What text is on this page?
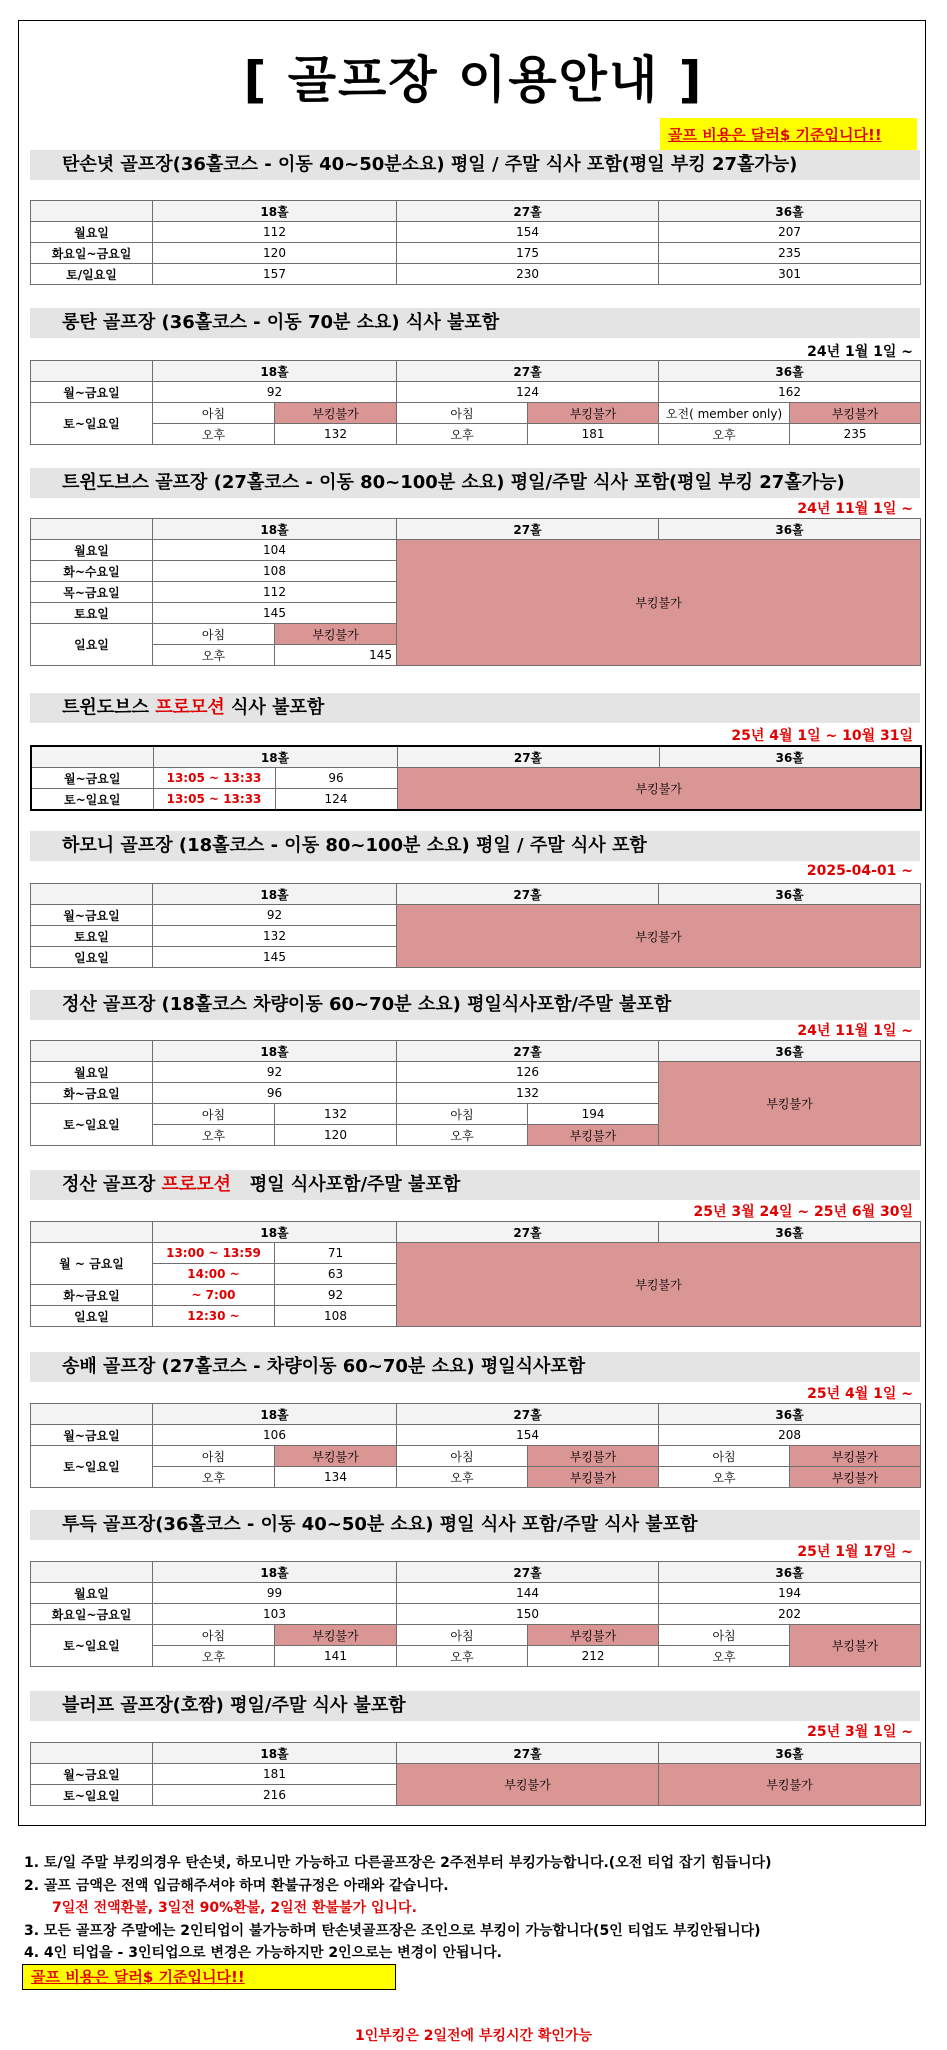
[ 골프장 이용안내 ]
골프 비용은 달러$ 기준입니다!!
탄손녓 골프장(36홀코스 - 이동 40~50분소요) 평일 / 주말 식사 포함(평일 부킹 27홀가능)
	18홀	27홀	36홀
월요일	112	154	207
화요일~금요일	120	175	235
토/일요일	157	230	301
롱탄 골프장 (36홀코스 - 이동 70분 소요) 식사 불포함
24년 1월 1일 ~
	18홀		27홀		36홀	
월~금요일	92		124		162	
토~일요일	아침	부킹불가	아침	부킹불가	오전( member only)	부킹불가
	오후	132	오후	181	오후	235
트윈도브스 골프장 (27홀코스 - 이동 80~100분 소요) 평일/주말 식사 포함(평일 부킹 27홀가능)
24년 11월 1일 ~
	18홀		27홀	36홀
월요일	104		부킹불가	
화~수요일	108			
목~금요일	112			
토요일	145			
일요일	아침	부킹불가		
	오후	145		
트윈도브스 프로모션 식사 불포함
25년 4월 1일 ~ 10월 31일
	18홀		27홀	36홀
월~금요일	13:05 ~ 13:33	96	부킹불가	
토~일요일	13:05 ~ 13:33	124		
하모니 골프장 (18홀코스 - 이동 80~100분 소요) 평일 / 주말 식사 포함
2025-04-01 ~
	18홀	27홀	36홀
월~금요일	92	부킹불가	
토요일	132		
일요일	145		
정산 골프장 (18홀코스 차량이동 60~70분 소요) 평일식사포함/주말 불포함
24년 11월 1일 ~
	18홀		27홀		36홀
월요일	92		126		부킹불가
화~금요일	96		132		
토~일요일	아침	132	아침	194	
	오후	120	오후	부킹불가	
정산 골프장 프로모션   평일 식사포함/주말 불포함
25년 3월 24일 ~ 25년 6월 30일
	18홀		27홀	36홀
월 ~ 금요일	13:00 ~ 13:59	71	부킹불가	
	14:00 ~	63		
화~금요일	~ 7:00	92		
일요일	12:30 ~	108		
송배 골프장 (27홀코스 - 차량이동 60~70분 소요) 평일식사포함
25년 4월 1일 ~
	18홀		27홀		36홀	
월~금요일	106		154		208	
토~일요일	아침	부킹불가	아침	부킹불가	아침	부킹불가
	오후	134	오후	부킹불가	오후	부킹불가
투득 골프장(36홀코스 - 이동 40~50분 소요) 평일 식사 포함/주말 식사 불포함
25년 1월 17일 ~
	18홀		27홀		36홀	
월요일	99		144		194	
화요일~금요일	103		150		202	
토~일요일	아침	부킹불가	아침	부킹불가	아침	부킹불가
	오후	141	오후	212	오후	
블러프 골프장(호짬) 평일/주말 식사 불포함
25년 3월 1일 ~
	18홀	27홀	36홀
월~금요일	181	부킹불가	부킹불가
토~일요일	216		
1. 토/일 주말 부킹의경우 탄손녓, 하모니만 가능하고 다른골프장은 2주전부터 부킹가능합니다.(오전 티업 잡기 힘듭니다)
2. 골프 금액은 전액 입금해주셔야 하며 환불규정은 아래와 같습니다.
7일전 전액환불, 3일전 90%환불, 2일전 환불불가 입니다.
3. 모든 골프장 주말에는 2인티업이 불가능하며 탄손녓골프장은 조인으로 부킹이 가능합니다(5인 티업도 부킹안됩니다)
4. 4인 티업을 - 3인티업으로 변경은 가능하지만 2인으로는 변경이 안됩니다.
골프 비용은 달러$ 기준입니다!!
1인부킹은 2일전에 부킹시간 확인가능
